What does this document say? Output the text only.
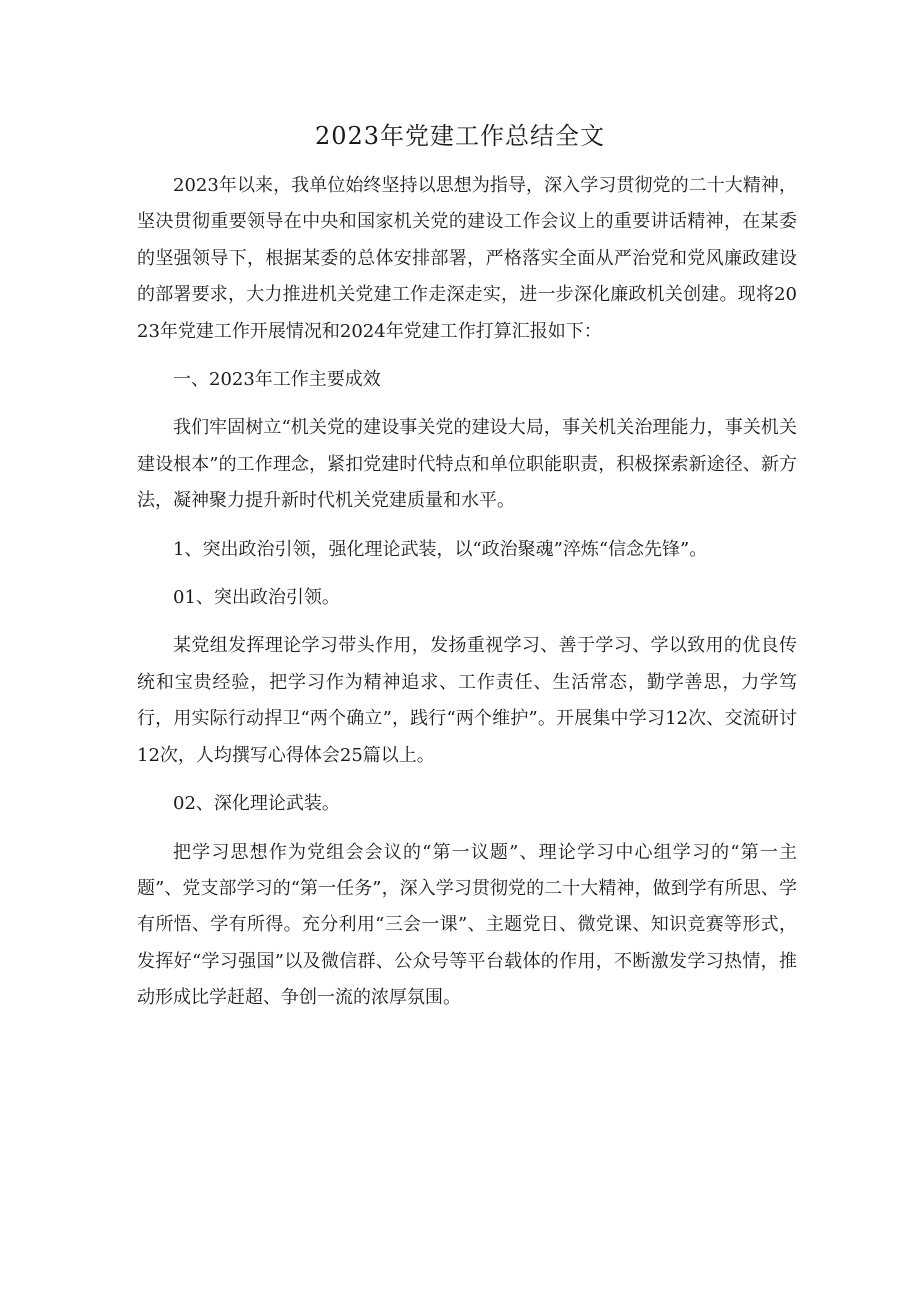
2023年党建工作总结全文

2023年以来，我单位始终坚持以思想为指导，深入学习贯彻党的二十大精神，坚决贯彻重要领导在中央和国家机关党的建设工作会议上的重要讲话精神，在某委的坚强领导下，根据某委的总体安排部署，严格落实全面从严治党和党风廉政建设的部署要求，大力推进机关党建工作走深走实，进一步深化廉政机关创建。现将2023年党建工作开展情况和2024年党建工作打算汇报如下：

一、2023年工作主要成效

我们牢固树立“机关党的建设事关党的建设大局，事关机关治理能力，事关机关建设根本”的工作理念，紧扣党建时代特点和单位职能职责，积极探索新途径、新方法，凝神聚力提升新时代机关党建质量和水平。

1、突出政治引领，强化理论武装，以“政治聚魂”淬炼“信念先锋”。

01、突出政治引领。

某党组发挥理论学习带头作用，发扬重视学习、善于学习、学以致用的优良传统和宝贵经验，把学习作为精神追求、工作责任、生活常态，勤学善思，力学笃行，用实际行动捍卫“两个确立”，践行“两个维护”。开展集中学习12次、交流研讨12次，人均撰写心得体会25篇以上。

02、深化理论武装。

把学习思想作为党组会会议的“第一议题”、理论学习中心组学习的“第一主题”、党支部学习的“第一任务”，深入学习贯彻党的二十大精神，做到学有所思、学有所悟、学有所得。充分利用“三会一课”、主题党日、微党课、知识竞赛等形式，发挥好“学习强国”以及微信群、公众号等平台载体的作用，不断激发学习热情，推动形成比学赶超、争创一流的浓厚氛围。
